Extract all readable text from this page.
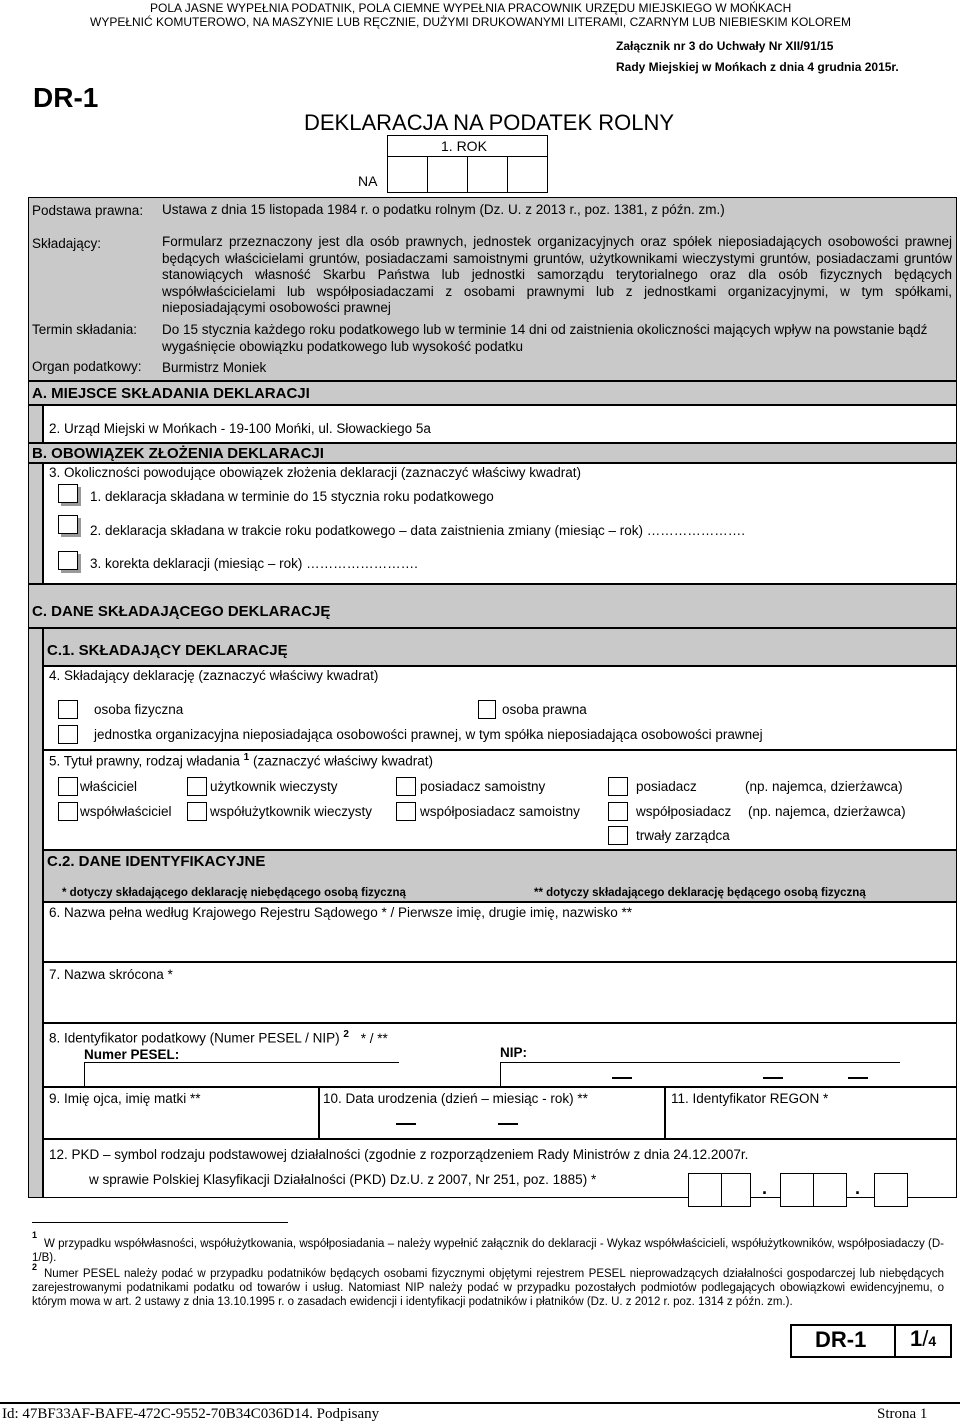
POLA JASNE WYPEŁNIA PODATNIK, POLA CIEMNE WYPEŁNIA PRACOWNIK URZĘDU MIEJSKIEGO W MOŃKACH
WYPEŁNIĆ KOMUTEROWO, NA MASZYNIE LUB RĘCZNIE, DUŻYMI DRUKOWANYMI LITERAMI, CZARNYM LUB NIEBIESKIM KOLOREM
DR-1
Załącznik nr 3 do Uchwały Nr XII/91/15
Rady Miejskiej w Mońkach z dnia 4 grudnia 2015r.
DEKLARACJA NA PODATEK ROLNY
1. ROK
NA
Podstawa prawna:	Ustawa z dnia 15 listopada 1984 r. o podatku rolnym (Dz. U. z 2013 r., poz. 1381, z późn. zm.)
Składający:	Formularz przeznaczony jest dla osób prawnych, jednostek organizacyjnych oraz spółek nieposiadających osobowości prawnej będących właścicielami gruntów, posiadaczami samoistnymi gruntów, użytkownikami wieczystymi gruntów, posiadaczami gruntów stanowiących własność Skarbu Państwa lub jednostki samorządu terytorialnego oraz dla osób fizycznych będących współwłaścicielami lub współposiadaczami z osobami prawnymi lub z jednostkami organizacyjnymi, w tym spółkami, nieposiadającymi osobowości prawnej
Termin składania: Do 15 stycznia każdego roku podatkowego lub w terminie 14 dni od zaistnienia okoliczności mających wpływ na powstanie bądź wygaśnięcie obowiązku podatkowego lub wysokość podatku
Organ podatkowy: Burmistrz Moniek
A. MIEJSCE SKŁADANIA DEKLARACJI
2. Urząd Miejski w Mońkach - 19-100 Mońki, ul. Słowackiego 5a
B. OBOWIĄZEK ZŁOŻENIA DEKLARACJI
3. Okoliczności powodujące obowiązek złożenia deklaracji (zaznaczyć właściwy kwadrat)
1. deklaracja składana w terminie do 15 stycznia roku podatkowego
2. deklaracja składana w trakcie roku podatkowego – data zaistnienia zmiany (miesiąc – rok) ………………….
3. korekta deklaracji (miesiąc – rok) …………………….
C. DANE SKŁADAJĄCEGO DEKLARACJĘ
C.1. SKŁADAJĄCY DEKLARACJĘ
4. Składający deklarację (zaznaczyć właściwy kwadrat)
osoba fizyczna	osoba prawna
jednostka organizacyjna nieposiadająca osobowości prawnej, w tym spółka nieposiadająca osobowości prawnej
5. Tytuł prawny, rodzaj władania $^1$ (zaznaczyć właściwy kwadrat)
właściciel	użytkownik wieczysty	posiadacz samoistny	posiadacz	(np. najemca, dzierżawca)
współwłaściciel	współużytkownik wieczysty	współposiadacz samoistny	współposiadacz (np. najemca, dzierżawca)
trwały zarządca
C.2. DANE IDENTYFIKACYJNE
* dotyczy składającego deklarację niebędącego osobą fizyczną	** dotyczy składającego deklarację będącego osobą fizyczną
6. Nazwa pełna według Krajowego Rejestru Sądowego * / Pierwsze imię, drugie imię, nazwisko **
7. Nazwa skrócona *
8. Identyfikator podatkowy (Numer PESEL / NIP) $^2$ * / **
Numer PESEL:	NIP:
9. Imię ojca, imię matki **	10. Data urodzenia (dzień – miesiąc - rok) **	11. Identyfikator REGON *
12. PKD – symbol rodzaju podstawowej działalności (zgodnie z rozporządzeniem Rady Ministrów z dnia 24.12.2007r.
w sprawie Polskiej Klasyfikacji Działalności (PKD) Dz.U. z 2007, Nr 251, poz. 1885) *	.	.
1
W przypadku współwłasności, współużytkowania, współposiadania – należy wypełnić załącznik do deklaracji - Wykaz współwłaścicieli, współużytkowników, współposiadaczy (D-1/B).
2
Numer PESEL należy podać w przypadku podatników będących osobami fizycznymi objętymi rejestrem PESEL nieprowadzących działalności gospodarczej lub niebędących zarejestrowanymi podatnikami podatku od towarów i usług. Natomiast NIP należy podać w przypadku pozostałych podmiotów podlegających obowiązkowi ewidencyjnemu, o którym mowa w art. 2 ustawy z dnia 13.10.1995 r. o zasadach ewidencji i identyfikacji podatników i płatników (Dz. U. z 2012 r. poz. 1314 z późn. zm.).
DR-1 1/4
Id: 47BF33AF-BAFE-472C-9552-70B34C036D14. Podpisany	Strona 1
